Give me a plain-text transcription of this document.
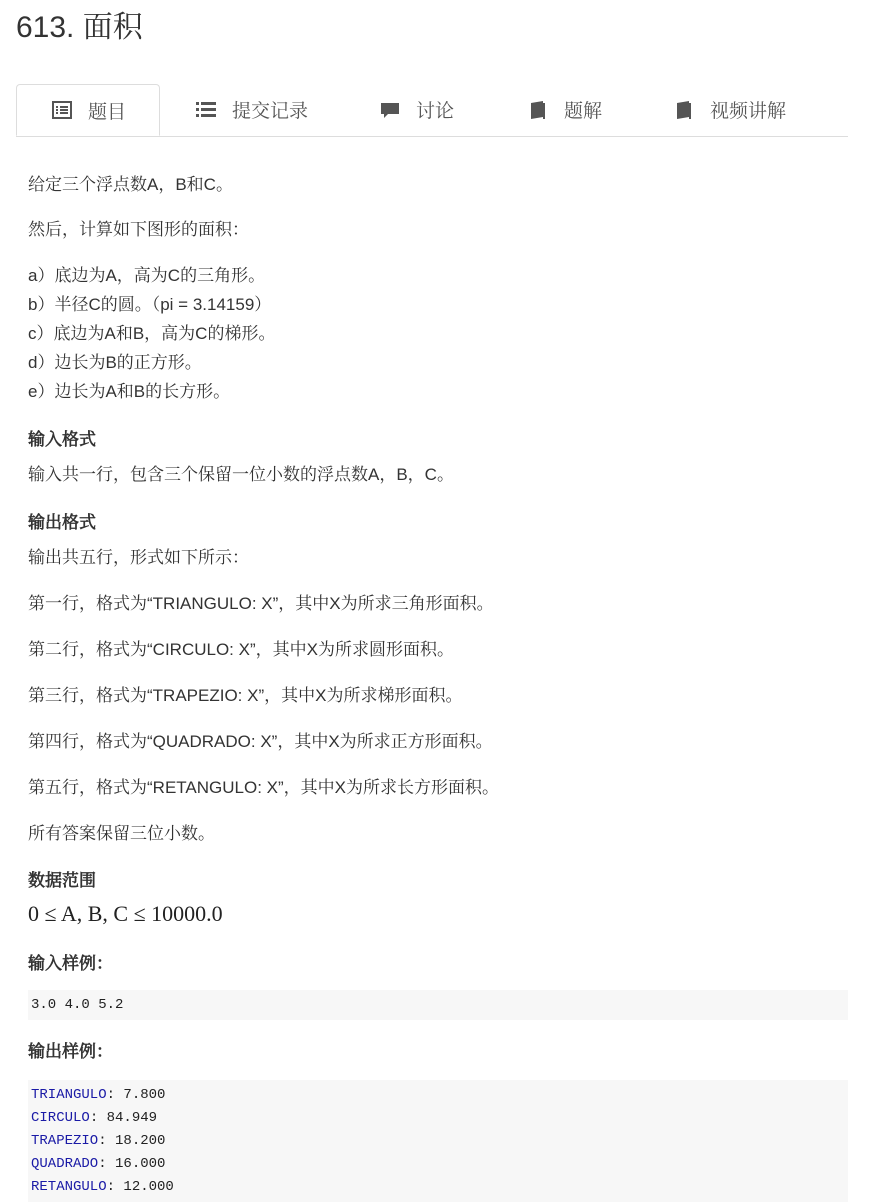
613. 面积
题目	提交记录	讨论	题解	视频讲解
给定三个浮点数A，B和C。
然后，计算如下图形的面积：
a）底边为A，高为C的三角形。
b）半径C的圆。（pi = 3.14159）
c）底边为A和B，高为C的梯形。
d）边长为B的正方形。
e）边长为A和B的长方形。
输入格式
输入共一行，包含三个保留一位小数的浮点数A，B，C。
输出格式
输出共五行，形式如下所示：
第一行，格式为“TRIANGULO: X”，其中X为所求三角形面积。
第二行，格式为“CIRCULO: X”，其中X为所求圆形面积。
第三行，格式为“TRAPEZIO: X”，其中X为所求梯形面积。
第四行，格式为“QUADRADO: X”，其中X为所求正方形面积。
第五行，格式为“RETANGULO: X”，其中X为所求长方形面积。
所有答案保留三位小数。
数据范围
0 ≤ A, B, C ≤ 10000.0
输入样例：
3.0 4.0 5.2
输出样例：
TRIANGULO: 7.800
CIRCULO: 84.949
TRAPEZIO: 18.200
QUADRADO: 16.000
RETANGULO: 12.000
